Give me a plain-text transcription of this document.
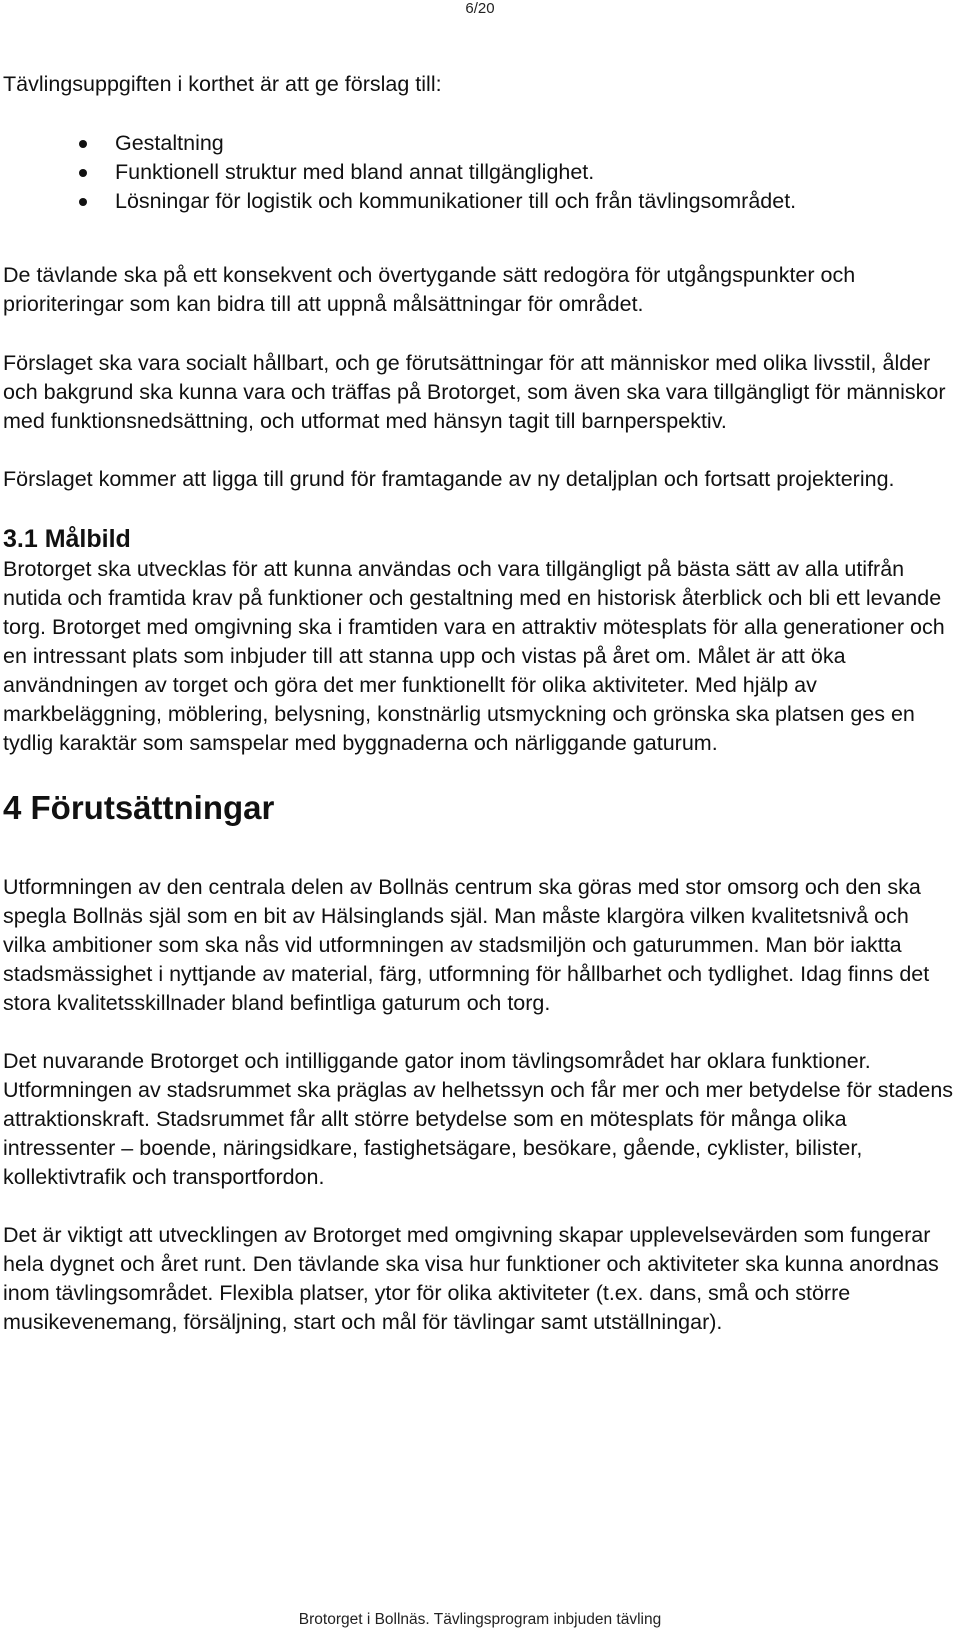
6/20

Tävlingsuppgiften i korthet är att ge förslag till:

Gestaltning
Funktionell struktur med bland annat tillgänglighet.
Lösningar för logistik och kommunikationer till och från tävlingsområdet.

De tävlande ska på ett konsekvent och övertygande sätt redogöra för utgångspunkter och prioriteringar som kan bidra till att uppnå målsättningar för området.

Förslaget ska vara socialt hållbart, och ge förutsättningar för att människor med olika livsstil, ålder och bakgrund ska kunna vara och träffas på Brotorget, som även ska vara tillgängligt för människor med funktionsnedsättning, och utformat med hänsyn tagit till barnperspektiv.

Förslaget kommer att ligga till grund för framtagande av ny detaljplan och fortsatt projektering.

3.1 Målbild

Brotorget ska utvecklas för att kunna användas och vara tillgängligt på bästa sätt av alla utifrån nutida och framtida krav på funktioner och gestaltning med en historisk återblick och bli ett levande torg. Brotorget med omgivning ska i framtiden vara en attraktiv mötesplats för alla generationer och en intressant plats som inbjuder till att stanna upp och vistas på året om. Målet är att öka användningen av torget och göra det mer funktionellt för olika aktiviteter. Med hjälp av markbeläggning, möblering, belysning, konstnärlig utsmyckning och grönska ska platsen ges en tydlig karaktär som samspelar med byggnaderna och närliggande gaturum.

4 Förutsättningar

Utformningen av den centrala delen av Bollnäs centrum ska göras med stor omsorg och den ska spegla Bollnäs själ som en bit av Hälsinglands själ. Man måste klargöra vilken kvalitetsnivå och vilka ambitioner som ska nås vid utformningen av stadsmiljön och gaturummen. Man bör iaktta stadsmässighet i nyttjande av material, färg, utformning för hållbarhet och tydlighet. Idag finns det stora kvalitetsskillnader bland befintliga gaturum och torg.

Det nuvarande Brotorget och intilliggande gator inom tävlingsområdet har oklara funktioner. Utformningen av stadsrummet ska präglas av helhetssyn och får mer och mer betydelse för stadens attraktionskraft. Stadsrummet får allt större betydelse som en mötesplats för många olika intressenter – boende, näringsidkare, fastighetsägare, besökare, gående, cyklister, bilister, kollektivtrafik och transportfordon.

Det är viktigt att utvecklingen av Brotorget med omgivning skapar upplevelsevärden som fungerar hela dygnet och året runt. Den tävlande ska visa hur funktioner och aktiviteter ska kunna anordnas inom tävlingsområdet. Flexibla platser, ytor för olika aktiviteter (t.ex. dans, små och större musikevenemang, försäljning, start och mål för tävlingar samt utställningar).

Brotorget i Bollnäs. Tävlingsprogram inbjuden tävling
